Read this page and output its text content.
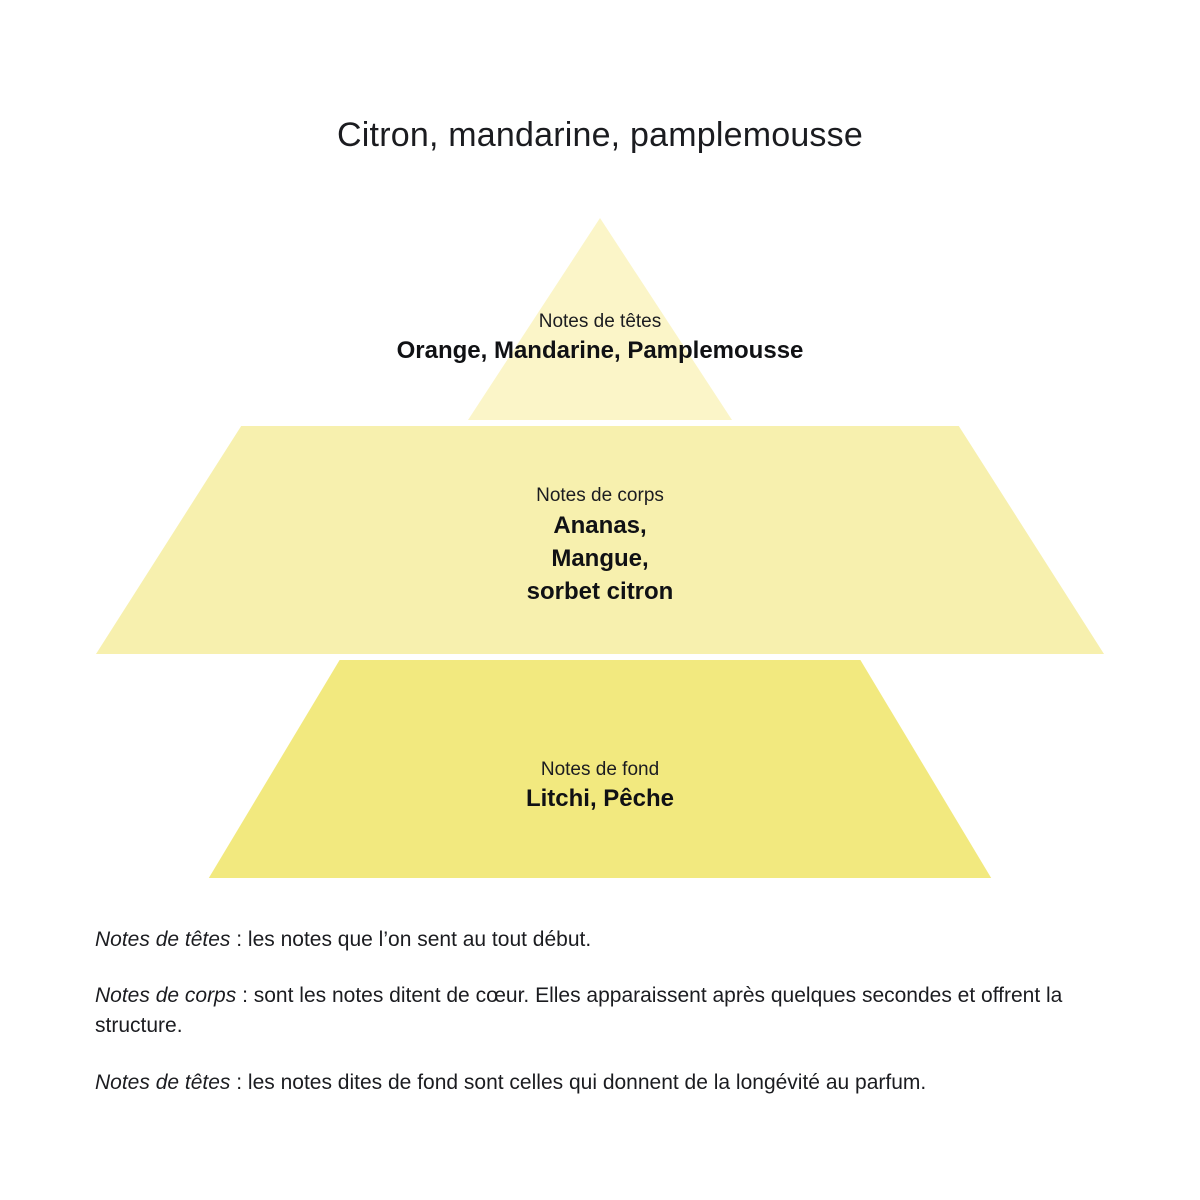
Citron, mandarine, pamplemousse
Notes de têtes
Orange, Mandarine, Pamplemousse
Notes de corps
Ananas,
Mangue,
sorbet citron
Notes de fond
Litchi, Pêche
Notes de têtes : les notes que l’on sent au tout début.
Notes de corps : sont les notes ditent de cœur. Elles apparaissent après quelques secondes et offrent la structure.
Notes de têtes : les notes dites de fond sont celles qui donnent de la longévité au parfum.
